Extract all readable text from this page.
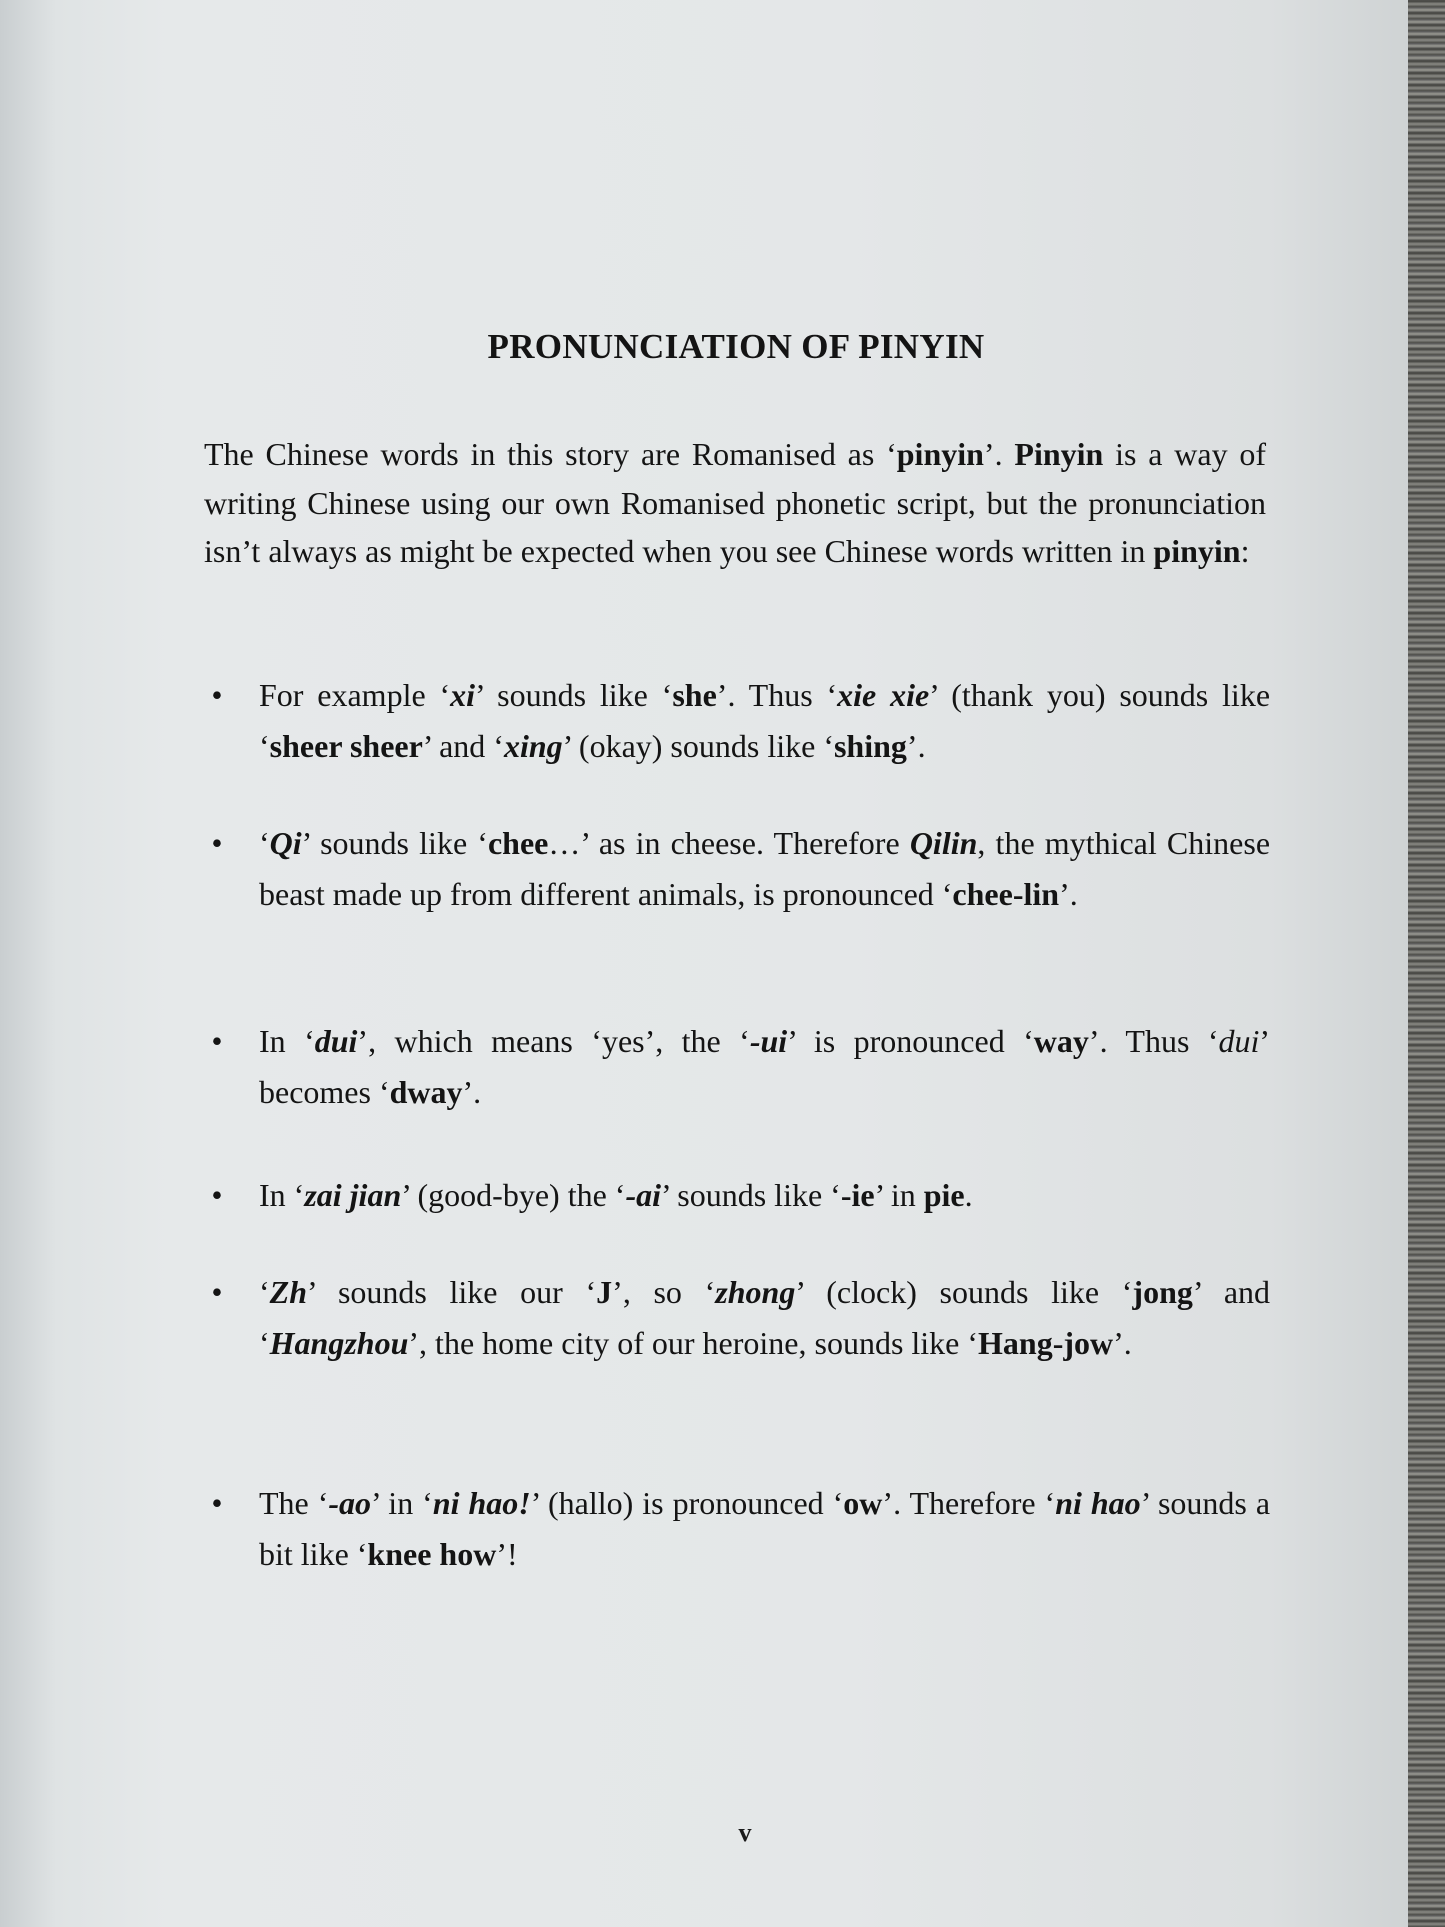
PRONUNCIATION OF PINYIN

The Chinese words in this story are Romanised as ‘pinyin’. Pinyin is a way of writing Chinese using our own Romanised phonetic script, but the pronunciation isn’t always as might be expected when you see Chinese words written in pinyin:

• For example ‘xi’ sounds like ‘she’. Thus ‘xie xie’ (thank you) sounds like ‘sheer sheer’ and ‘xing’ (okay) sounds like ‘shing’.
• ‘Qi’ sounds like ‘chee…’ as in cheese. Therefore Qilin, the mythical Chinese beast made up from different animals, is pronounced ‘chee-lin’.
• In ‘dui’, which means ‘yes’, the ‘-ui’ is pronounced ‘way’. Thus ‘dui’ becomes ‘dway’.
• In ‘zai jian’ (good-bye) the ‘-ai’ sounds like ‘-ie’ in pie.
• ‘Zh’ sounds like our ‘J’, so ‘zhong’ (clock) sounds like ‘jong’ and ‘Hangzhou’, the home city of our heroine, sounds like ‘Hang-jow’.
• The ‘-ao’ in ‘ni hao!’ (hallo) is pronounced ‘ow’. Therefore ‘ni hao’ sounds a bit like ‘knee how’!

v
